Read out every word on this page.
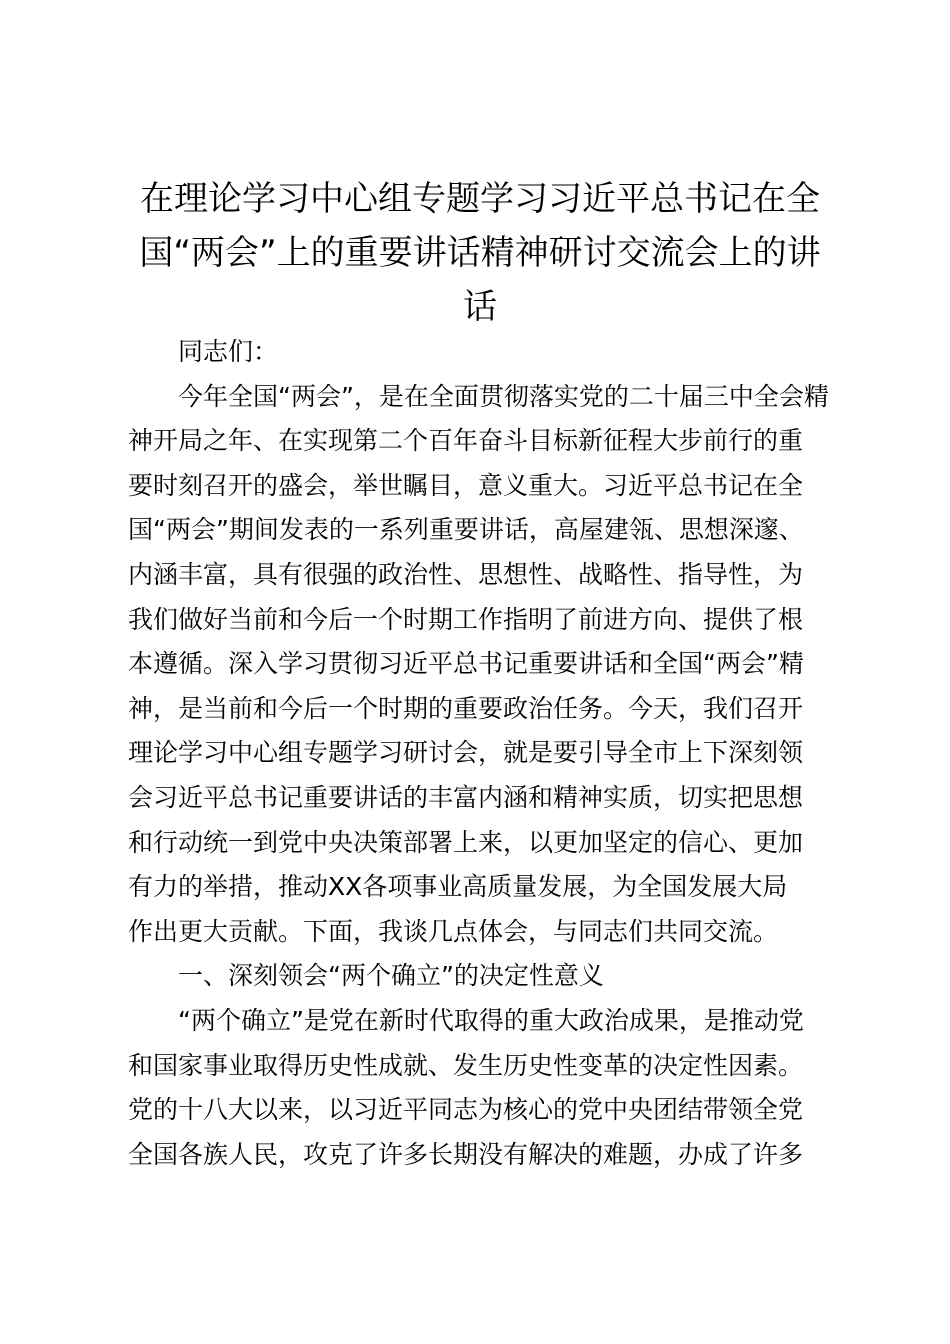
在理论学习中心组专题学习习近平总书记在全
国“两会”上的重要讲话精神研讨交流会上的讲
话
同志们：
今年全国“两会”，是在全面贯彻落实党的二十届三中全会精
神开局之年、在实现第二个百年奋斗目标新征程大步前行的重
要时刻召开的盛会，举世瞩目，意义重大。习近平总书记在全
国“两会”期间发表的一系列重要讲话，高屋建瓴、思想深邃、
内涵丰富，具有很强的政治性、思想性、战略性、指导性，为
我们做好当前和今后一个时期工作指明了前进方向、提供了根
本遵循。深入学习贯彻习近平总书记重要讲话和全国“两会”精
神，是当前和今后一个时期的重要政治任务。今天，我们召开
理论学习中心组专题学习研讨会，就是要引导全市上下深刻领
会习近平总书记重要讲话的丰富内涵和精神实质，切实把思想
和行动统一到党中央决策部署上来，以更加坚定的信心、更加
有力的举措，推动XX各项事业高质量发展，为全国发展大局
作出更大贡献。下面，我谈几点体会，与同志们共同交流。
一、深刻领会“两个确立”的决定性意义
“两个确立”是党在新时代取得的重大政治成果，是推动党
和国家事业取得历史性成就、发生历史性变革的决定性因素。
党的十八大以来，以习近平同志为核心的党中央团结带领全党
全国各族人民，攻克了许多长期没有解决的难题，办成了许多
